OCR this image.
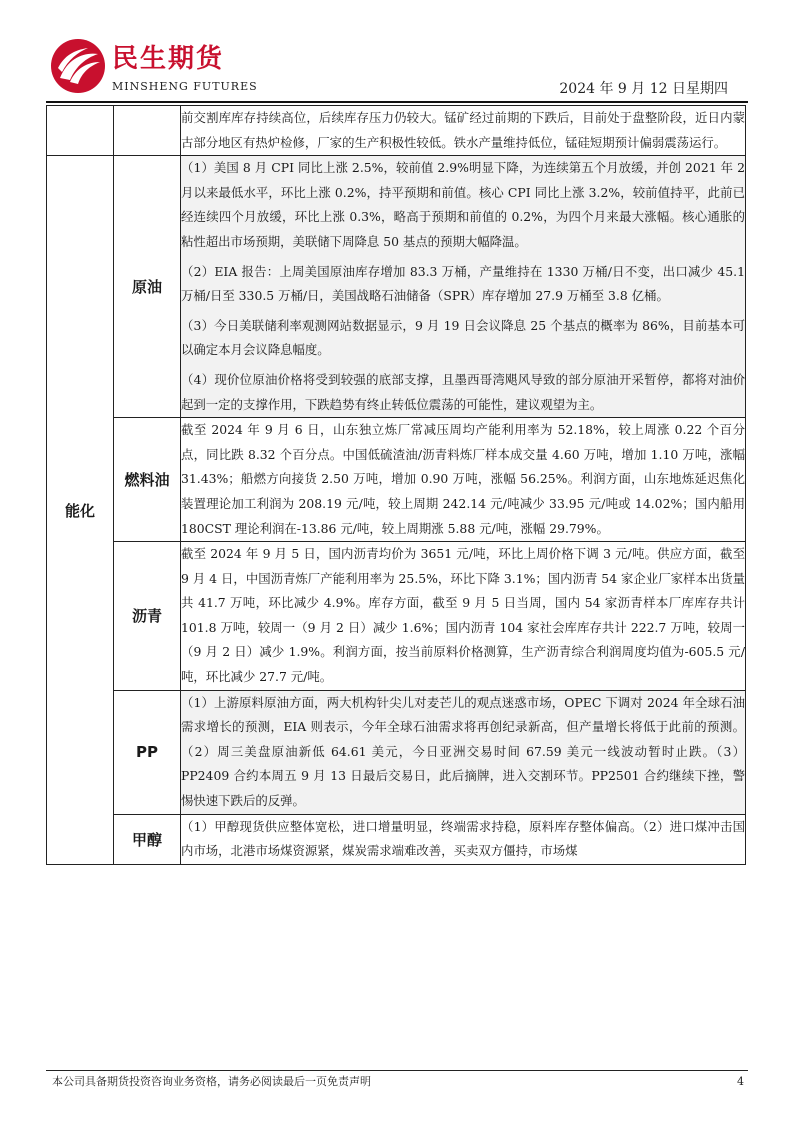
民生期货
MINSHENG FUTURES	2024 年 9 月 12 日星期四

		前交割库库存持续高位，后续库存压力仍较大。锰矿经过前期的下跌后，目前处于盘整阶段，近日内蒙古部分地区有热炉检修，厂家的生产积极性较低。铁水产量维持低位，锰硅短期预计偏弱震荡运行。

能化	原油	（1）美国 8 月 CPI 同比上涨 2.5%，较前值 2.9%明显下降，为连续第五个月放缓，并创 2021 年 2 月以来最低水平，环比上涨 0.2%，持平预期和前值。核心 CPI 同比上涨 3.2%，较前值持平，此前已经连续四个月放缓，环比上涨 0.3%，略高于预期和前值的 0.2%，为四个月来最大涨幅。核心通胀的粘性超出市场预期，美联储下周降息 50 基点的预期大幅降温。

（2）EIA 报告：上周美国原油库存增加 83.3 万桶，产量维持在 1330 万桶/日不变，出口减少 45.1 万桶/日至 330.5 万桶/日，美国战略石油储备（SPR）库存增加 27.9 万桶至 3.8 亿桶。

（3）今日美联储利率观测网站数据显示，9 月 19 日会议降息 25 个基点的概率为 86%，目前基本可以确定本月会议降息幅度。

（4）现价位原油价格将受到较强的底部支撑，且墨西哥湾飓风导致的部分原油开采暂停，都将对油价起到一定的支撑作用，下跌趋势有终止转低位震荡的可能性，建议观望为主。

	燃料油	截至 2024 年 9 月 6 日，山东独立炼厂常减压周均产能利用率为 52.18%，较上周涨 0.22 个百分点，同比跌 8.32 个百分点。中国低硫渣油/沥青料炼厂样本成交量 4.60 万吨，增加 1.10 万吨，涨幅 31.43%；船燃方向接货 2.50 万吨，增加 0.90 万吨，涨幅 56.25%。利润方面，山东地炼延迟焦化装置理论加工利润为 208.19 元/吨，较上周期 242.14 元/吨减少 33.95 元/吨或 14.02%；国内船用 180CST 理论利润在-13.86 元/吨，较上周期涨 5.88 元/吨，涨幅 29.79%。

	沥青	截至 2024 年 9 月 5 日，国内沥青均价为 3651 元/吨，环比上周价格下调 3 元/吨。供应方面，截至 9 月 4 日，中国沥青炼厂产能利用率为 25.5%，环比下降 3.1%；国内沥青 54 家企业厂家样本出货量共 41.7 万吨，环比减少 4.9%。库存方面，截至 9 月 5 日当周，国内 54 家沥青样本厂库库存共计 101.8 万吨，较周一（9 月 2 日）减少 1.6%；国内沥青 104 家社会库库存共计 222.7 万吨，较周一（9 月 2 日）减少 1.9%。利润方面，按当前原料价格测算，生产沥青综合利润周度均值为-605.5 元/吨，环比减少 27.7 元/吨。

	PP	（1）上游原料原油方面，两大机构针尖儿对麦芒儿的观点迷惑市场，OPEC 下调对 2024 年全球石油需求增长的预测，EIA 则表示，今年全球石油需求将再创纪录新高，但产量增长将低于此前的预测。（2）周三美盘原油新低 64.61 美元，今日亚洲交易时间 67.59 美元一线波动暂时止跌。（3）PP2409 合约本周五 9 月 13 日最后交易日，此后摘牌，进入交割环节。PP2501 合约继续下挫，警惕快速下跌后的反弹。

	甲醇	（1）甲醇现货供应整体宽松，进口增量明显，终端需求持稳，原料库存整体偏高。（2）进口煤冲击国内市场，北港市场煤资源紧，煤炭需求端难改善，买卖双方僵持，市场煤

本公司具备期货投资咨询业务资格，请务必阅读最后一页免责声明	4
